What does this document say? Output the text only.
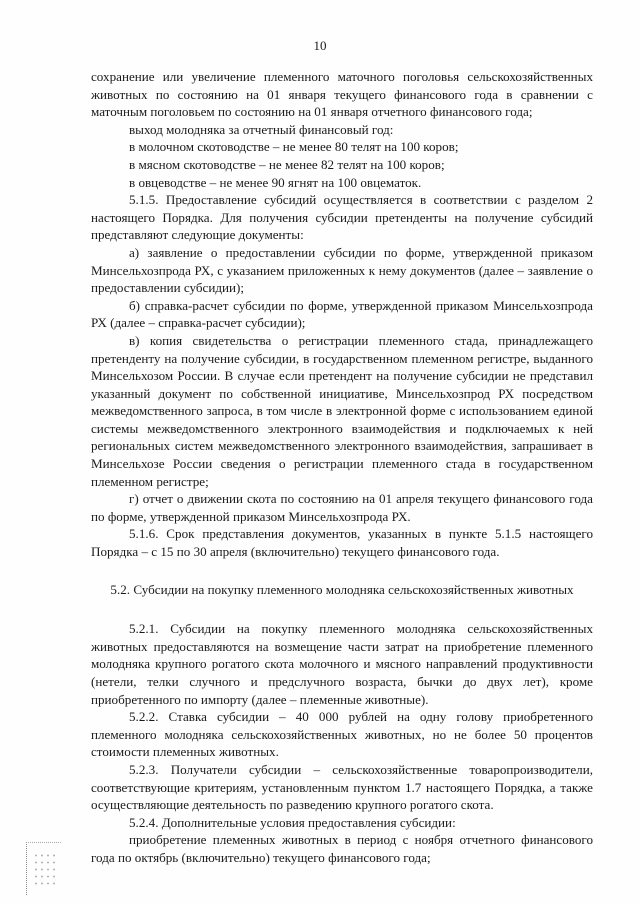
10

сохранение или увеличение племенного маточного поголовья сельскохозяйственных животных по состоянию на 01 января текущего финансового года в сравнении с маточным поголовьем по состоянию на 01 января отчетного финансового года;

выход молодняка за отчетный финансовый год:

в молочном скотоводстве – не менее 80 телят на 100 коров;

в мясном скотоводстве – не менее 82 телят на 100 коров;

в овцеводстве – не менее 90 ягнят на 100 овцематок.

5.1.5. Предоставление субсидий осуществляется в соответствии с разделом 2 настоящего Порядка. Для получения субсидии претенденты на получение субсидий представляют следующие документы:

а) заявление о предоставлении субсидии по форме, утвержденной приказом Минсельхозпрода РХ, с указанием приложенных к нему документов (далее – заявление о предоставлении субсидии);

б) справка-расчет субсидии по форме, утвержденной приказом Минсельхозпрода РХ (далее – справка-расчет субсидии);

в) копия свидетельства о регистрации племенного стада, принадлежащего претенденту на получение субсидии, в государственном племенном регистре, выданного Минсельхозом России. В случае если претендент на получение субсидии не представил указанный документ по собственной инициативе, Минсельхозпрод РХ посредством межведомственного запроса, в том числе в электронной форме с использованием единой системы межведомственного электронного взаимодействия и подключаемых к ней региональных систем межведомственного электронного взаимодействия, запрашивает в Минсельхозе России сведения о регистрации племенного стада в государственном племенном регистре;

г) отчет о движении скота по состоянию на 01 апреля текущего финансового года по форме, утвержденной приказом Минсельхозпрода РХ.

5.1.6. Срок представления документов, указанных в пункте 5.1.5 настоящего Порядка – с 15 по 30 апреля (включительно) текущего финансового года.

5.2. Субсидии на покупку племенного молодняка сельскохозяйственных животных

5.2.1. Субсидии на покупку племенного молодняка сельскохозяйственных животных предоставляются на возмещение части затрат на приобретение племенного молодняка крупного рогатого скота молочного и мясного направлений продуктивности (нетели, телки случного и предслучного возраста, бычки до двух лет), кроме приобретенного по импорту (далее – племенные животные).

5.2.2. Ставка субсидии – 40 000 рублей на одну голову приобретенного племенного молодняка сельскохозяйственных животных, но не более 50 процентов стоимости племенных животных.

5.2.3. Получатели субсидии – сельскохозяйственные товаропроизводители, соответствующие критериям, установленным пунктом 1.7 настоящего Порядка, а также осуществляющие деятельность по разведению крупного рогатого скота.

5.2.4. Дополнительные условия предоставления субсидии:

приобретение племенных животных в период с ноября отчетного финансового года по октябрь (включительно) текущего финансового года;
